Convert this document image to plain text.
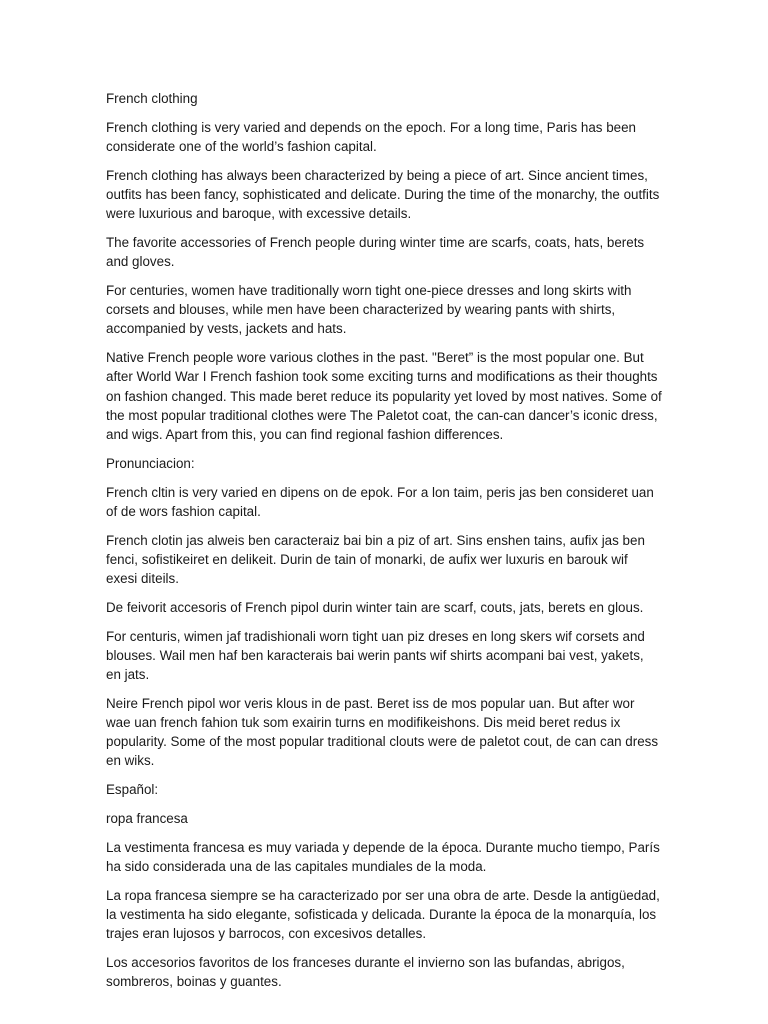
French clothing

French clothing is very varied and depends on the epoch. For a long time, Paris has been considerate one of the world’s fashion capital.

French clothing has always been characterized by being a piece of art. Since ancient times, outfits has been fancy, sophisticated and delicate. During the time of the monarchy, the outfits were luxurious and baroque, with excessive details.

The favorite accessories of French people during winter time are scarfs, coats, hats, berets and gloves.

For centuries, women have traditionally worn tight one-piece dresses and long skirts with corsets and blouses, while men have been characterized by wearing pants with shirts, accompanied by vests, jackets and hats.

Native French people wore various clothes in the past. "Beret” is the most popular one. But after World War I French fashion took some exciting turns and modifications as their thoughts on fashion changed. This made beret reduce its popularity yet loved by most natives. Some of the most popular traditional clothes were The Paletot coat, the can-can dancer’s iconic dress, and wigs. Apart from this, you can find regional fashion differences.

Pronunciacion:

French cltin is very varied en dipens on de epok. For a lon taim, peris jas ben consideret uan of de wors fashion capital.

French clotin jas alweis ben caracteraiz bai bin a piz of art. Sins enshen tains, aufix jas ben fenci, sofistikeiret en delikeit. Durin de tain of monarki, de aufix wer luxuris en barouk wif exesi diteils.

De feivorit accesoris of French pipol durin winter tain are scarf, couts, jats, berets en glous.

For centuris, wimen jaf tradishionali worn tight uan piz dreses en long skers wif corsets and blouses. Wail men haf ben karacterais bai werin pants wif shirts acompani bai vest, yakets, en jats.

Neire French pipol wor veris klous in de past. Beret iss de mos popular uan. But after wor wae uan french fahion tuk som exairin turns en modifikeishons. Dis meid beret redus ix popularity. Some of the most popular traditional clouts were de paletot cout, de can can dress en wiks.

Español:

ropa francesa

La vestimenta francesa es muy variada y depende de la época. Durante mucho tiempo, París ha sido considerada una de las capitales mundiales de la moda.

La ropa francesa siempre se ha caracterizado por ser una obra de arte. Desde la antigüedad, la vestimenta ha sido elegante, sofisticada y delicada. Durante la época de la monarquía, los trajes eran lujosos y barrocos, con excesivos detalles.

Los accesorios favoritos de los franceses durante el invierno son las bufandas, abrigos, sombreros, boinas y guantes.
